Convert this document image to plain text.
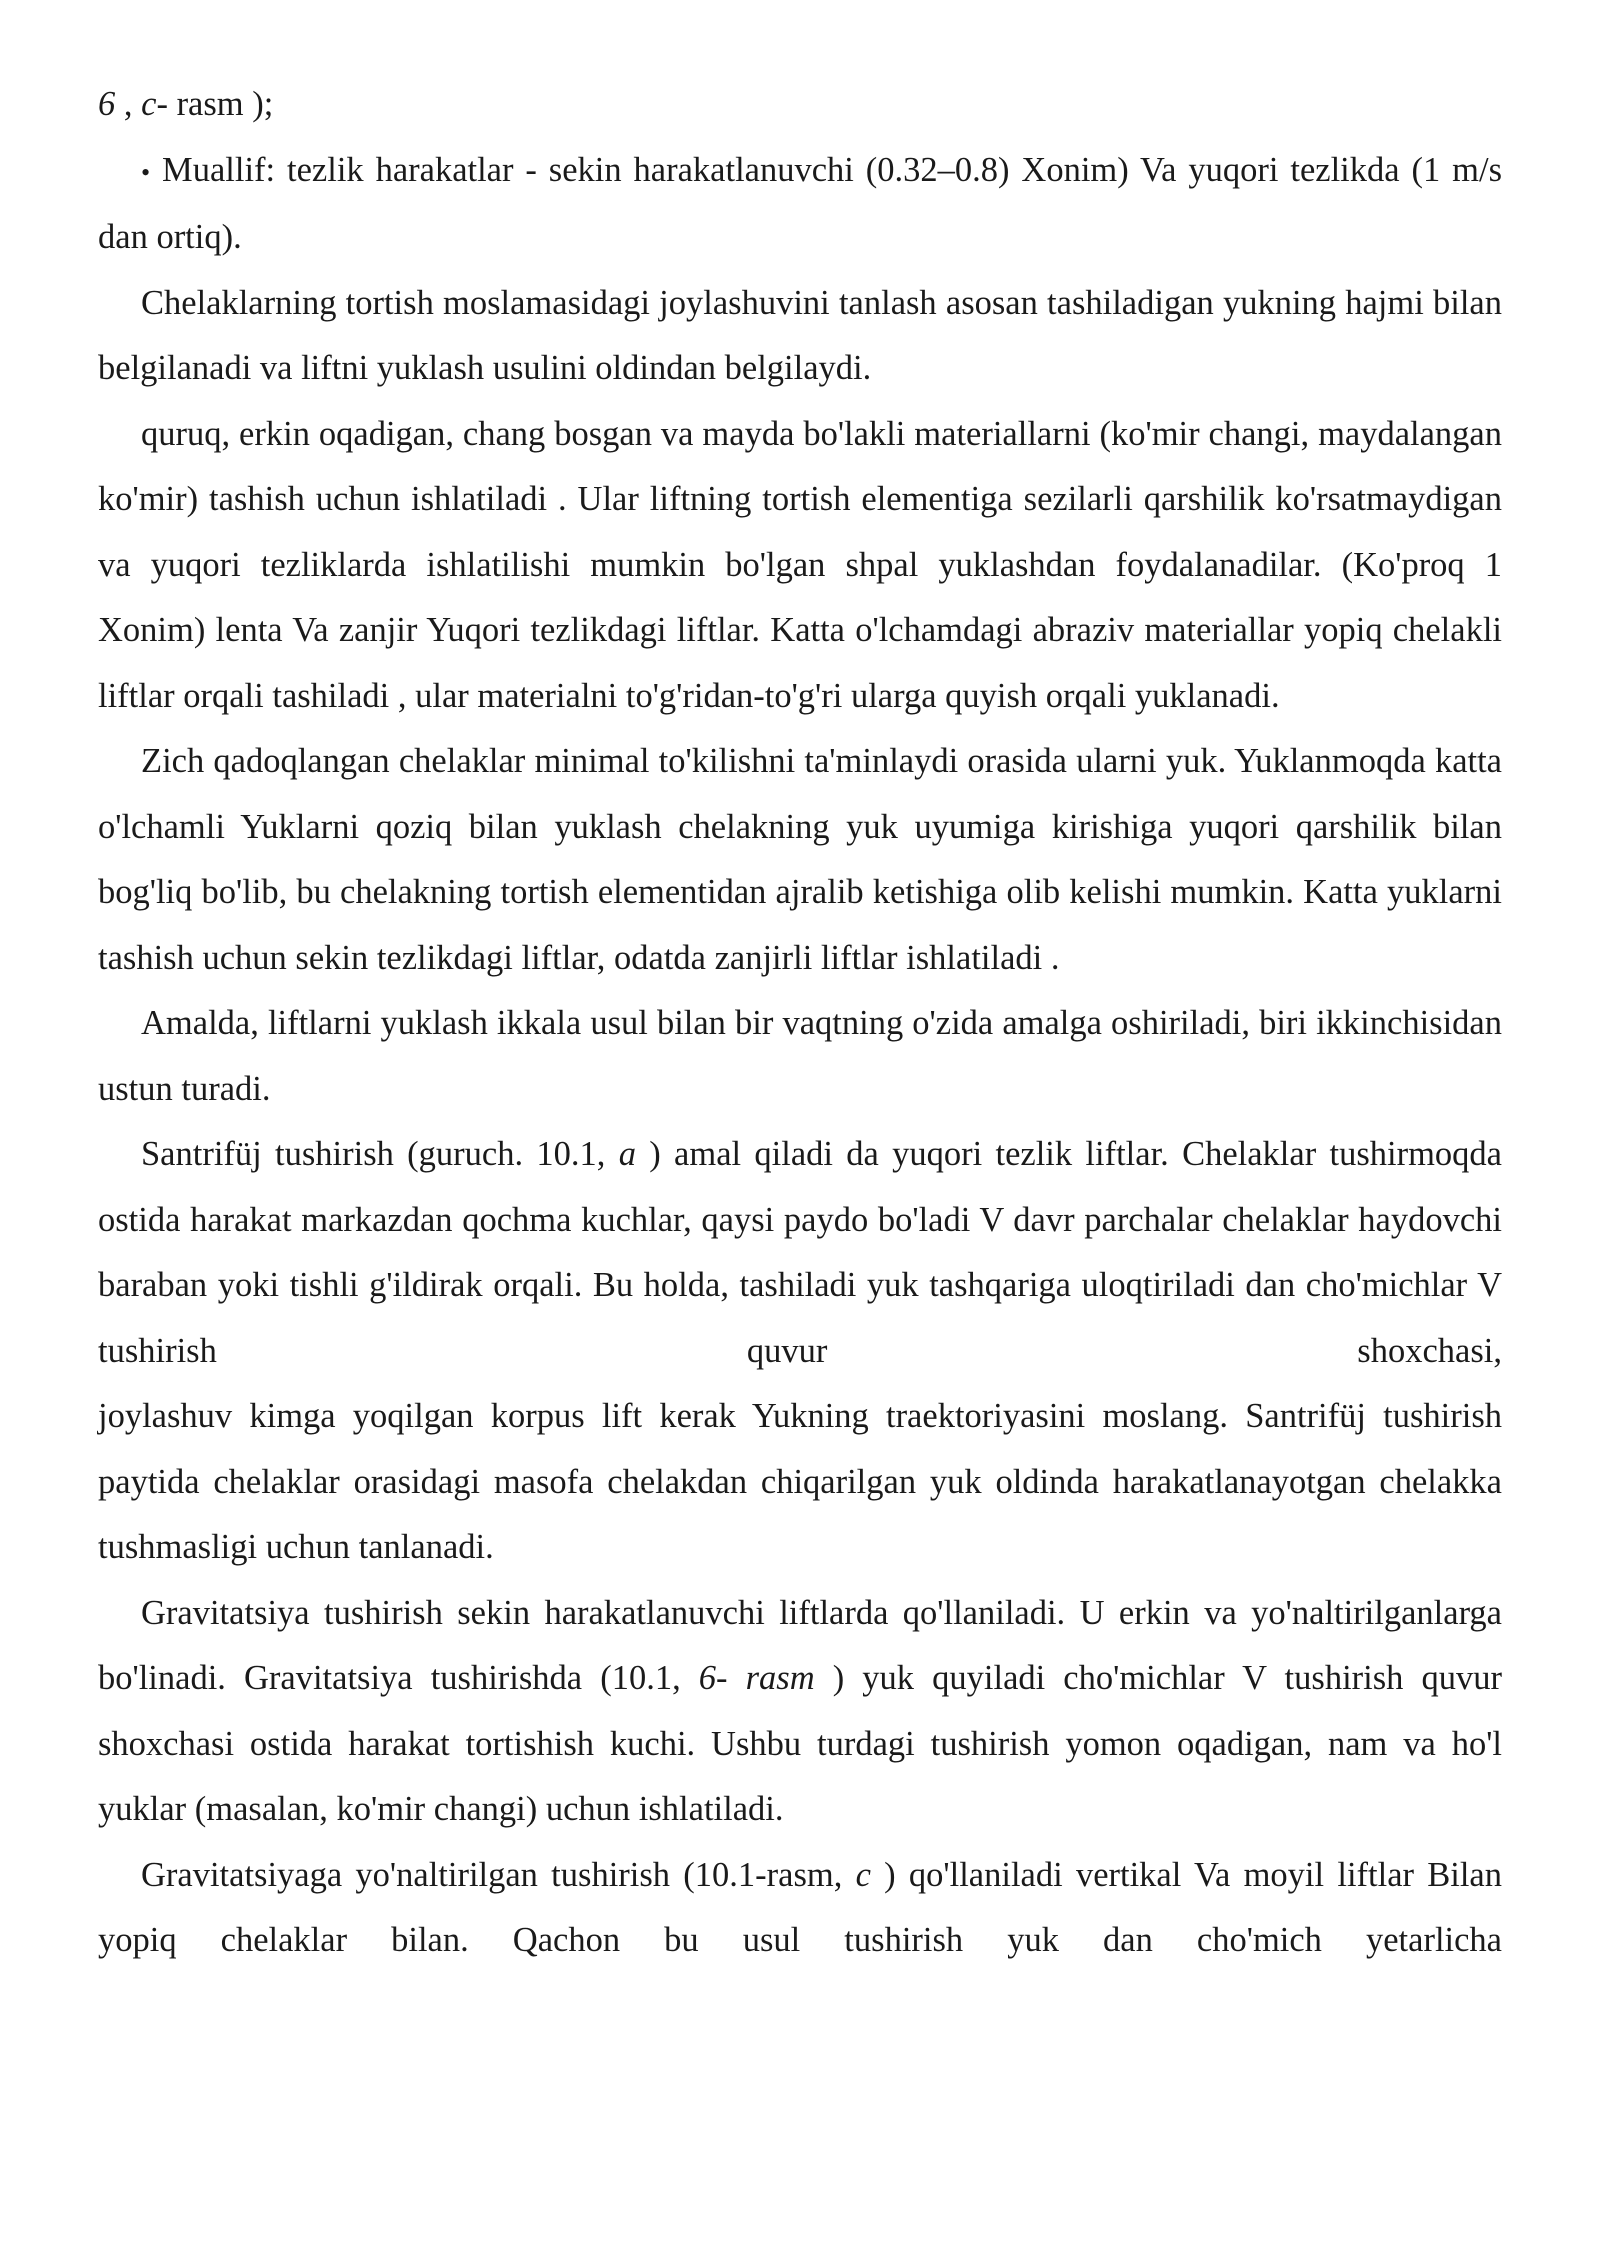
6 , c- rasm );

• Muallif: tezlik harakatlar - sekin harakatlanuvchi (0.32–0.8) Xonim) Va yuqori tezlikda (1 m/s dan ortiq).

Chelaklarning tortish moslamasidagi joylashuvini tanlash asosan tashiladigan yukning hajmi bilan belgilanadi va liftni yuklash usulini oldindan belgilaydi.

quruq, erkin oqadigan, chang bosgan va mayda bo'lakli materiallarni (ko'mir changi, maydalangan ko'mir) tashish uchun ishlatiladi . Ular liftning tortish elementiga sezilarli qarshilik ko'rsatmaydigan va yuqori tezliklarda ishlatilishi mumkin bo'lgan shpal yuklashdan foydalanadilar. (Ko'proq 1 Xonim) lenta Va zanjir Yuqori tezlikdagi liftlar. Katta o'lchamdagi abraziv materiallar yopiq chelakli liftlar orqali tashiladi , ular materialni to'g'ridan-to'g'ri ularga quyish orqali yuklanadi.

Zich qadoqlangan chelaklar minimal to'kilishni ta'minlaydi orasida ularni yuk. Yuklanmoqda katta o'lchamli Yuklarni qoziq bilan yuklash chelakning yuk uyumiga kirishiga yuqori qarshilik bilan bog'liq bo'lib, bu chelakning tortish elementidan ajralib ketishiga olib kelishi mumkin. Katta yuklarni tashish uchun sekin tezlikdagi liftlar, odatda zanjirli liftlar ishlatiladi .

Amalda, liftlarni yuklash ikkala usul bilan bir vaqtning o'zida amalga oshiriladi, biri ikkinchisidan ustun turadi.

Santrifüj tushirish (guruch. 10.1, a ) amal qiladi da yuqori tezlik liftlar. Chelaklar tushirmoqda ostida harakat markazdan qochma kuchlar, qaysi paydo bo'ladi V davr parchalar chelaklar haydovchi baraban yoki tishli g'ildirak orqali. Bu holda, tashiladi yuk tashqariga uloqtiriladi dan cho'michlar V tushirish quvur shoxchasi,

joylashuv kimga yoqilgan korpus lift kerak Yukning traektoriyasini moslang. Santrifüj tushirish paytida chelaklar orasidagi masofa chelakdan chiqarilgan yuk oldinda harakatlanayotgan chelakka tushmasligi uchun tanlanadi.

Gravitatsiya tushirish sekin harakatlanuvchi liftlarda qo'llaniladi. U erkin va yo'naltirilganlarga bo'linadi. Gravitatsiya tushirishda (10.1, 6- rasm ) yuk quyiladi cho'michlar V tushirish quvur shoxchasi ostida harakat tortishish kuchi. Ushbu turdagi tushirish yomon oqadigan, nam va ho'l yuklar (masalan, ko'mir changi) uchun ishlatiladi.

Gravitatsiyaga yo'naltirilgan tushirish (10.1-rasm, c ) qo'llaniladi vertikal Va moyil liftlar Bilan yopiq chelaklar bilan. Qachon bu usul tushirish yuk dan cho'mich yetarlicha
